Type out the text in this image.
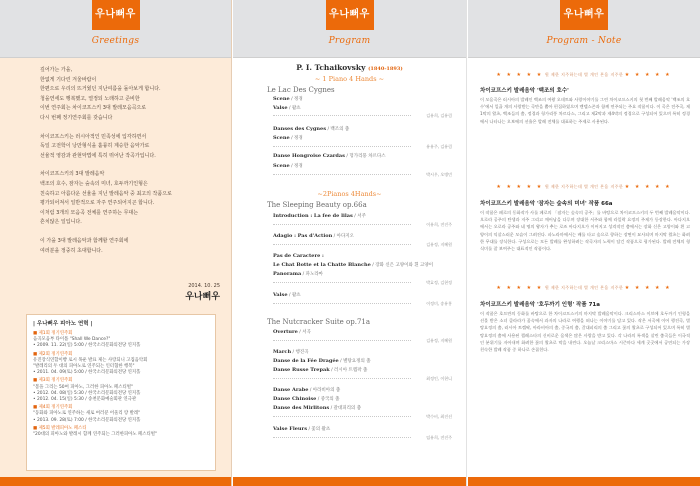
우나뻐우
Greetings

깊어가는 가을,
한없게 기다린 겨울바람이
한편으로 우리의 뜨거웠던 지난여름을 돌아보게 합니다.
청을연세도 행복했고, 열정되 노래하고 준비한
이번 연주회는 차이코프스키 3대 발레모음곡으로
다시 번째 정기연주회를 갖습니다

차이코프스키는 러시아적인 민족성에 입각하면서
독일 고전학이 낭만형식을 훌륭히 계승한 음악가로
선율적 영감과 관현악법에 특히 뛰어난 작곡가입니다.

차이코프스키의 3대 발레음악
백조의 호수, 잠자는 숲속의 미녀, 호두까기인형은
친숙하고 아름다운 선율을 지닌 발레음악 중 최고의 작품으로
평가되어져서 일반적으로 자주 연주되어지곤 합니다.
이처럼 3개의 모음곡 전체를 연주하는 무대는
흔치않은 일입니다.

이 가을 3대 발레음악과 함께할 연주회에
여러분을 정중히 초대합니다.

2014. 10. 25
우나뻐우
| 우나뻐우 피아노 연혁 |
■ 제1회 정기연주회
음곡모음부 타이틀 "Shall We Dance?"
• 2009. 11. 22(일) 5:00 / 한국소리문화의전당 연지홀
■ 제2회 정기연주회
유진장식연합이빵 로시 목운 발표 제는 사랑되니 고집음악회
"발레리의 두 대의 피아노로 연주되는 인터협한 행복"
• 2011. 04. 09(토) 5:00 / 한국소리문화의전당 연지홀
■ 제3회 정기연주회
"봄을 그리는 50여 피아노, 그러한 피아노 페스티벌"
• 2012. 04. 08(일) 5:30 / 한국소리문화의전당 연지홀
• 2012. 04. 15(일) 5:30 / 송천문화예술회관 연극관
■ 제4회 정기연주회
"동화와 피아노로 연주하는 새로 여러분 어울리 랑 발레"
• 2013. 09. 28(토) 7:00 / 한국소리문화의전당 연지홀
■ 제5회 발레피아노 페스티
"20대의 피아노와 발레시 함께 연주되는 그러한피아노 페스티벌"
우나뻐우
Program
P. I. Tchaikovsky (1840-1893)
~ 1 Piano 4 Hands ~
Le Lac Des Cygnes
Scene / 정경
Valse / 왈츠
김유희, 김유림
Danses des Cygnes / 백조의 춤
Scene / 정경
유유주, 김유림
Danse Hongroise Czardas / 헝가리풍 차르다스
Scene / 정경
박시우, 오병민
~2Pianos 4Hands~
The Sleeping Beauty op.66a
Introduction : La fee de lilas / 서주
이유희, 전진주
Adagio : Pas d'Action / 아다지오
김유정, 지혜원
Pas de Caractere :
Le Chat Botte et la Chatte Blanche / 장화 신은 고양이와 흰 고양이
Panorama / 파노라마
박효정, 김현정
Valse / 왈츠
이정미, 송유홍
The Nutcracker Suite op.71a
Overture / 서곡
김유정, 지혜원
March / 행진곡
Danse de la Fée Dragée / 별탕요정의 춤
Danse Russe Trepak / 러시아 트렙팍 춤
최정인, 이현니
Danse Arabe / 아라비아의 춤
Danse Chinoise / 중국의 춤
Danse des Mirlitons / 갈대피리의 춤
박수비, 최진선
Valse Fleurs / 꽃의 왈츠
임유희, 전진주
우나뻐우
Program - Note
★ ★ ★ ★ ★ 원 제한 지주하는데 별 개인 본음 지주한 ★ ★ ★ ★ ★
차이코프스키 발레음악 '백조의 호수'
이 모음곡은 러시아의 발레인 백조의 여왕 오데트와 사랑이야기를 그린 차이코프스키의 첫 번째 발레음악 '백조의 호수'에서 일곱 개의 사랑받는 곡만을 뽑아 편집하였으며 멘델스존과 함께 연주되는 주요 작품이다. 이 곡은 전주곡, 제1막의 왈츠, 백조들의 춤, 정경과 헝가리풍 차르다스, 그리고 제2막과 제4막의 정경으로 구성되어 있으며 특히 정경에서 나타나는 오보에의 선율은 발레 전체를 대표하는 주제로 사용된다.
★ ★ ★ ★ ★ 원 제한 지주하는데 별 개인 본음 지주한 ★ ★ ★ ★ ★
차이코프스키 발레음악 '잠자는 숲속의 미녀' 작품 66a
이 작품은 페로의 동화작가 사를 페로의 「잠자는 숲속의 공주」를 바탕으로 차이코프스키의 두 번째 발레음악이다. 오로라 공주의 탄생과 저주 그리고 깨어남을 다루며 장대한 서주와 함께 라일락 요정의 주제가 등장한다. 아다지오에서는 오로라 공주와 네 명의 왕자가 추는 로즈 아다지오가 이어지고 성격적인 춤에서는 장화 신은 고양이와 흰 고양이의 익살스러운 모습이 그려진다. 파노라마에서는 배를 타고 숲으로 향하는 장면이 묘사되며 마지막 왈츠는 화려한 무대를 장식한다. 구성으로는 모든 발레를 완성하려는 작곡자의 노력이 담긴 작품으로 평가된다. 발레 전체의 형식미를 잘 보여주는 대표적인 작품이다.
★ ★ ★ ★ ★ 원 제한 지주하는데 별 개인 본음 지주한 ★ ★ ★ ★ ★
차이코프스키 발레음악 '호두까기 인형' 작품 71a
이 작품은 호프만의 동화를 바탕으로 한 차이코프스키의 마지막 발레음악이다. 크리스마스 이브에 호두까기 인형을 선물 받은 소녀 클라라가 꿈속에서 과자의 나라로 여행을 떠나는 이야기를 담고 있다. 작은 서곡에 이어 행진곡, 별탕요정의 춤, 러시아 트렙팍, 아라비아의 춤, 중국의 춤, 갈대피리의 춤 그리고 꽃의 왈츠로 구성되어 있으며 특히 별탕요정의 춤에 사용된 첼레스타의 신비로운 음색은 많은 사랑을 받고 있다. 각 나라의 특색을 살린 춤곡들은 이국적인 분위기를 자아내며 화려한 꽃의 왈츠로 막을 내린다. 오늘날 크리스마스 시즌마다 세계 곳곳에서 공연되는 가장 친숙한 발레 작품 중 하나로 손꼽힌다.
